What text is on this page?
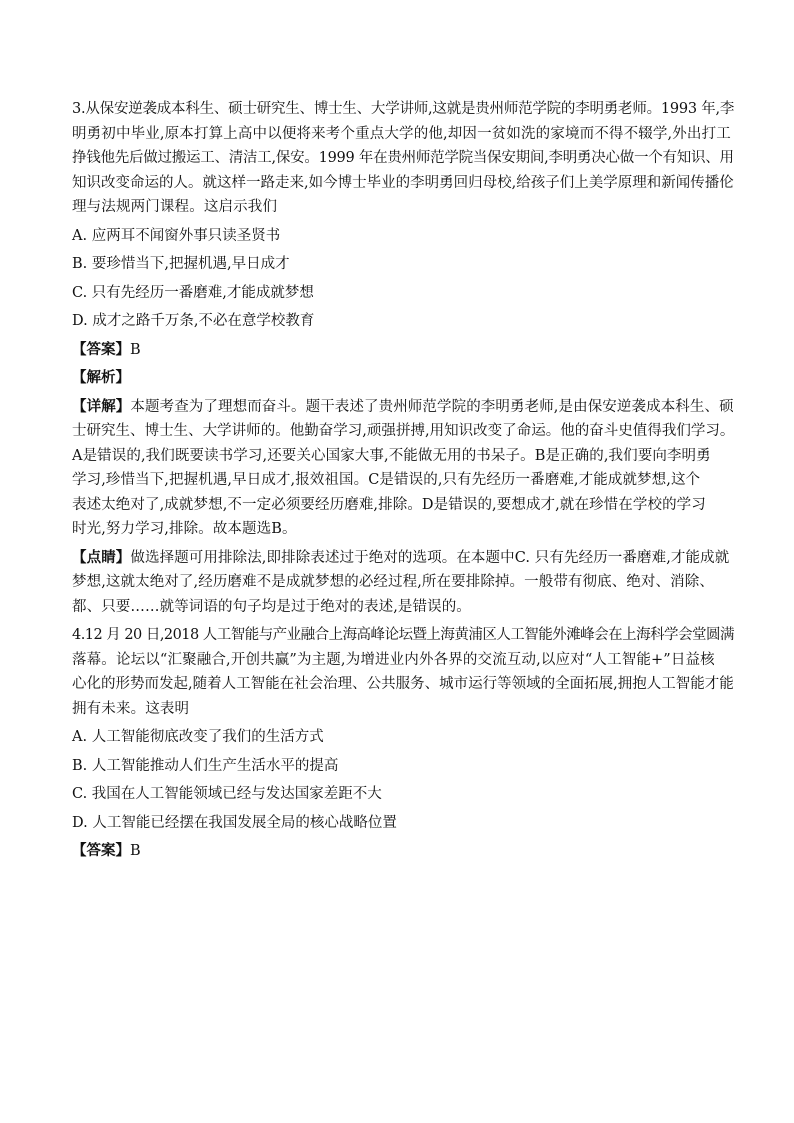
3.从保安逆袭成本科生、硕士研究生、博士生、大学讲师,这就是贵州师范学院的李明勇老师。1993 年,李
明勇初中毕业,原本打算上高中以便将来考个重点大学的他,却因一贫如洗的家境而不得不辍学,外出打工
挣钱他先后做过搬运工、清洁工,保安。1999 年在贵州师范学院当保安期间,李明勇决心做一个有知识、用
知识改变命运的人。就这样一路走来,如今博士毕业的李明勇回归母校,给孩子们上美学原理和新闻传播伦
理与法规两门课程。这启示我们
A. 应两耳不闻窗外事只读圣贤书
B. 要珍惜当下,把握机遇,早日成才
C. 只有先经历一番磨难,才能成就梦想
D. 成才之路千万条,不必在意学校教育
【答案】B
【解析】
【详解】本题考查为了理想而奋斗。题干表述了贵州师范学院的李明勇老师,是由保安逆袭成本科生、硕
士研究生、博士生、大学讲师的。他勤奋学习,顽强拼搏,用知识改变了命运。他的奋斗史值得我们学习。
A是错误的,我们既要读书学习,还要关心国家大事,不能做无用的书呆子。B是正确的,我们要向李明勇
学习,珍惜当下,把握机遇,早日成才,报效祖国。C是错误的,只有先经历一番磨难,才能成就梦想,这个
表述太绝对了,成就梦想,不一定必须要经历磨难,排除。D是错误的,要想成才,就在珍惜在学校的学习
时光,努力学习,排除。故本题选B。
【点睛】做选择题可用排除法,即排除表述过于绝对的选项。在本题中C. 只有先经历一番磨难,才能成就
梦想,这就太绝对了,经历磨难不是成就梦想的必经过程,所在要排除掉。一般带有彻底、绝对、消除、
都、只要……就等词语的句子均是过于绝对的表述,是错误的。
4.12 月 20 日,2018 人工智能与产业融合上海高峰论坛暨上海黄浦区人工智能外滩峰会在上海科学会堂圆满
落幕。论坛以“汇聚融合,开创共赢”为主题,为增进业内外各界的交流互动,以应对“人工智能+”日益核
心化的形势而发起,随着人工智能在社会治理、公共服务、城市运行等领域的全面拓展,拥抱人工智能才能
拥有未来。这表明
A. 人工智能彻底改变了我们的生活方式
B. 人工智能推动人们生产生活水平的提高
C. 我国在人工智能领域已经与发达国家差距不大
D. 人工智能已经摆在我国发展全局的核心战略位置
【答案】B
